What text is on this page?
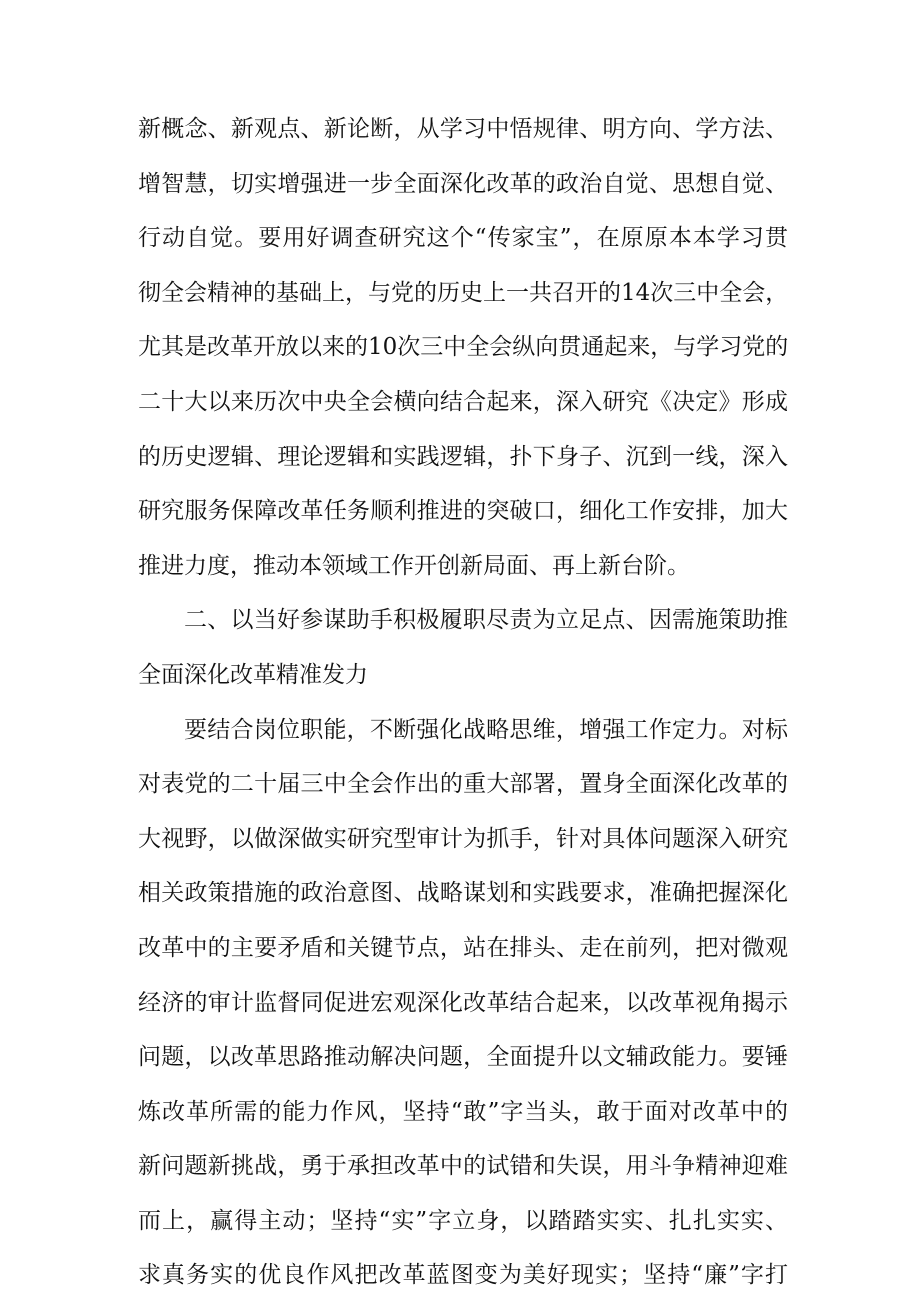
新概念、新观点、新论断，从学习中悟规律、明方向、学方法、
增智慧，切实增强进一步全面深化改革的政治自觉、思想自觉、
行动自觉。要用好调查研究这个“传家宝”，在原原本本学习贯
彻全会精神的基础上，与党的历史上一共召开的14次三中全会，
尤其是改革开放以来的10次三中全会纵向贯通起来，与学习党的
二十大以来历次中央全会横向结合起来，深入研究《决定》形成
的历史逻辑、理论逻辑和实践逻辑，扑下身子、沉到一线，深入
研究服务保障改革任务顺利推进的突破口，细化工作安排，加大
推进力度，推动本领域工作开创新局面、再上新台阶。
二、以当好参谋助手积极履职尽责为立足点、因需施策助推
全面深化改革精准发力
要结合岗位职能，不断强化战略思维，增强工作定力。对标
对表党的二十届三中全会作出的重大部署，置身全面深化改革的
大视野，以做深做实研究型审计为抓手，针对具体问题深入研究
相关政策措施的政治意图、战略谋划和实践要求，准确把握深化
改革中的主要矛盾和关键节点，站在排头、走在前列，把对微观
经济的审计监督同促进宏观深化改革结合起来，以改革视角揭示
问题，以改革思路推动解决问题，全面提升以文辅政能力。要锤
炼改革所需的能力作风，坚持“敢”字当头，敢于面对改革中的
新问题新挑战，勇于承担改革中的试错和失误，用斗争精神迎难
而上，赢得主动；坚持“实”字立身，以踏踏实实、扎扎实实、
求真务实的优良作风把改革蓝图变为美好现实；坚持“廉”字打
